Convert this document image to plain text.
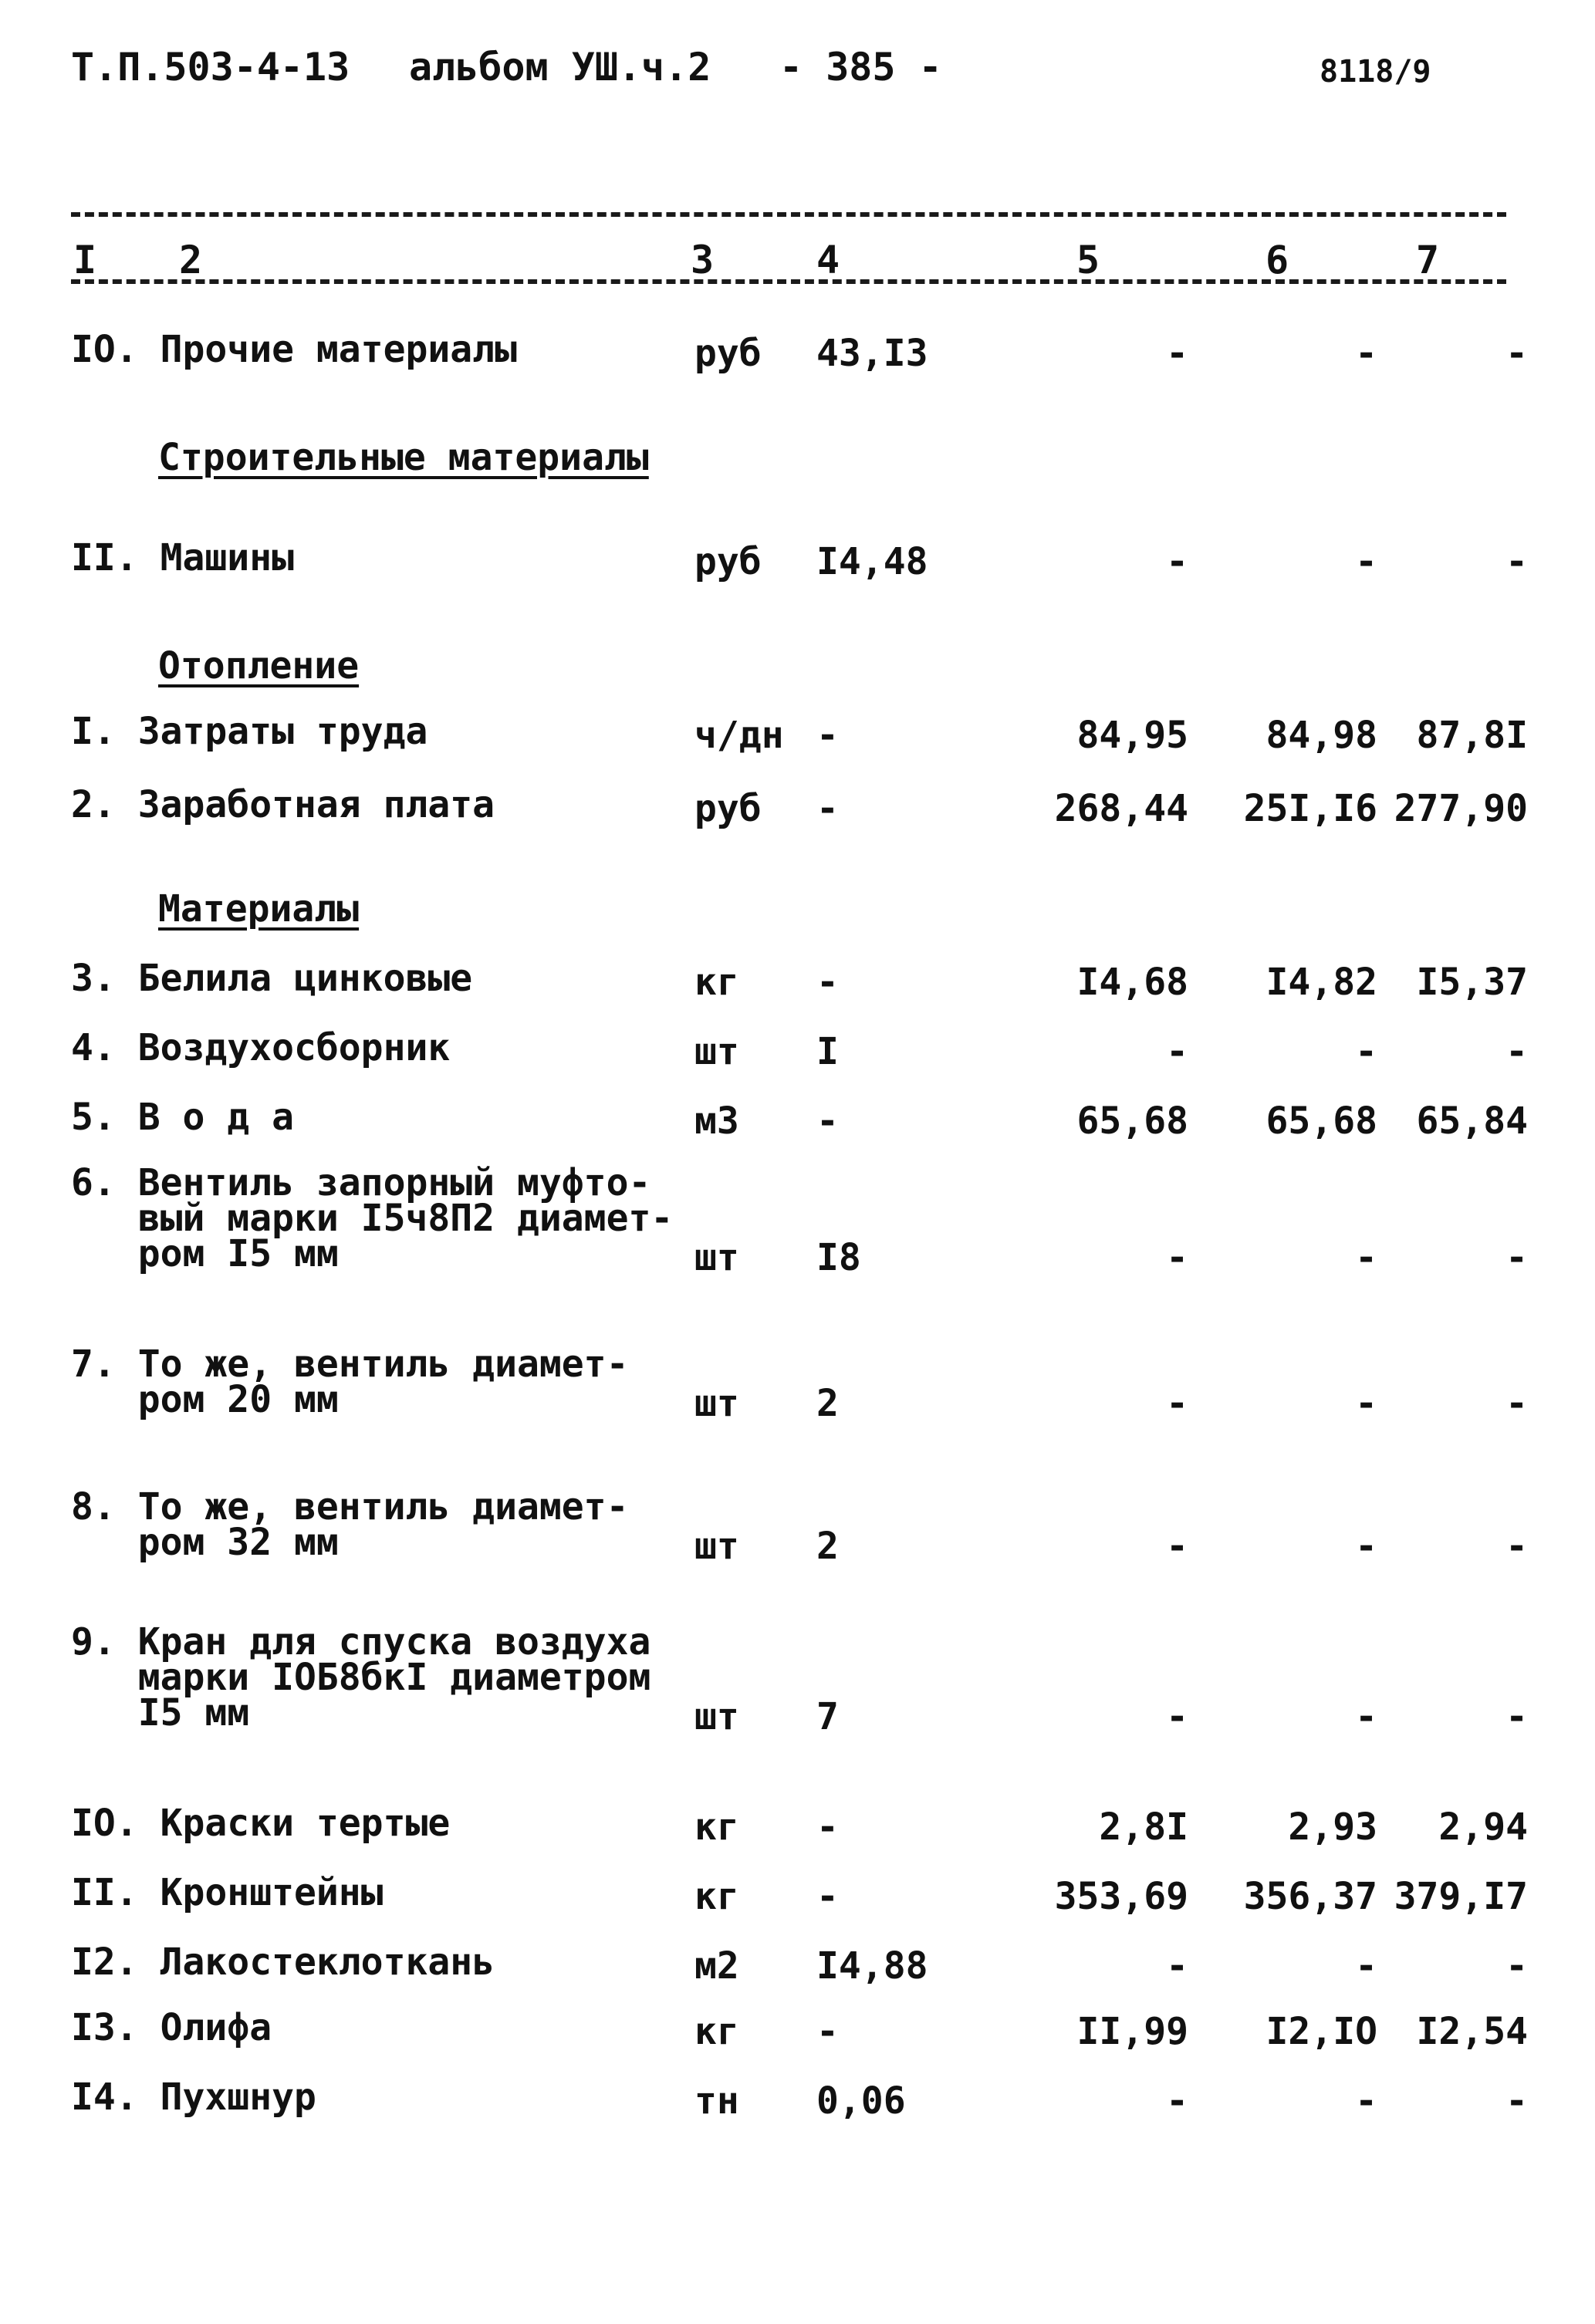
Т.П.503-4-13 альбом УШ.ч.2 - 385 -	8118/9
I 2	3	4	5	6	7
IO. Прочие материалы	руб 43,I3	-	-	-
II. Машины	руб I4,48	-	-	-
I. Затраты труда	ч/дн -	84,95	84,98	87,8I
2. Заработная плата	руб -	268,44	25I,I6 277,90
3. Белила цинковые	кг -	I4,68	I4,82	I5,37
4. Воздухосборник	шт I	-	-	-
5. В о д а	м3 -	65,68	65,68	65,84
6. Вентиль запорный муфто-
вый марки I5ч8П2 диамет-
ром I5 мм	шт I8	-	-	-
7. То же, вентиль диамет-
ром 20 мм	шт 2	-	-	-
8. То же, вентиль диамет-
ром 32 мм	шт 2	-	-	-
9. Кран для спуска воздуха
марки IОБ8бкI диаметром
I5 мм	шт 7	-	-	-
IO. Краски тертые	кг -	2,8I	2,93	2,94
II. Кронштейны	кг -	353,69	356,37 379,I7
I2. Лакостеклоткань	м2 I4,88	-	-	-
I3. Олифа	кг -	II,99	I2,IO	I2,54
I4. Пухшнур	тн 0,06	-	-	-
Строительные материалы
Отопление
Материалы
